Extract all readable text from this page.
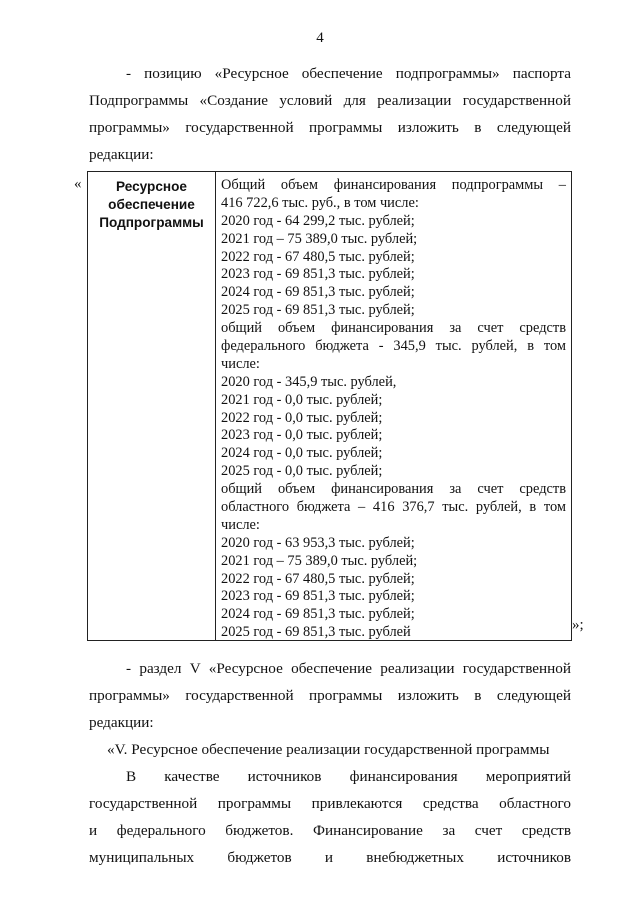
4
- позицию «Ресурсное обеспечение подпрограммы» паспорта
Подпрограммы «Создание условий для реализации государственной
программы» государственной программы изложить в следующей
редакции:
«	Ресурсное
обеспечение
Подпрограммы
Общий объем финансирования подпрограммы –
416 722,6 тыс. руб., в том числе:
2020 год - 64 299,2 тыс. рублей;
2021 год – 75 389,0 тыс. рублей;
2022 год - 67 480,5 тыс. рублей;
2023 год - 69 851,3 тыс. рублей;
2024 год - 69 851,3 тыс. рублей;
2025 год - 69 851,3 тыс. рублей;
общий объем финансирования за счет средств
федерального бюджета - 345,9 тыс. рублей, в том
числе:
2020 год - 345,9 тыс. рублей,
2021 год - 0,0 тыс. рублей;
2022 год - 0,0 тыс. рублей;
2023 год - 0,0 тыс. рублей;
2024 год - 0,0 тыс. рублей;
2025 год - 0,0 тыс. рублей;
общий объем финансирования за счет средств
областного бюджета – 416 376,7 тыс. рублей, в том
числе:
2020 год - 63 953,3 тыс. рублей;
2021 год – 75 389,0 тыс. рублей;
2022 год - 67 480,5 тыс. рублей;
2023 год - 69 851,3 тыс. рублей;
2024 год - 69 851,3 тыс. рублей;
2025 год - 69 851,3 тыс. рублей	»;
- раздел V «Ресурсное обеспечение реализации государственной
программы» государственной программы изложить в следующей
редакции:
«V. Ресурсное обеспечение реализации государственной программы
В качестве источников финансирования мероприятий
государственной программы привлекаются средства областного
и федерального бюджетов. Финансирование за счет средств
муниципальных бюджетов и внебюджетных источников
